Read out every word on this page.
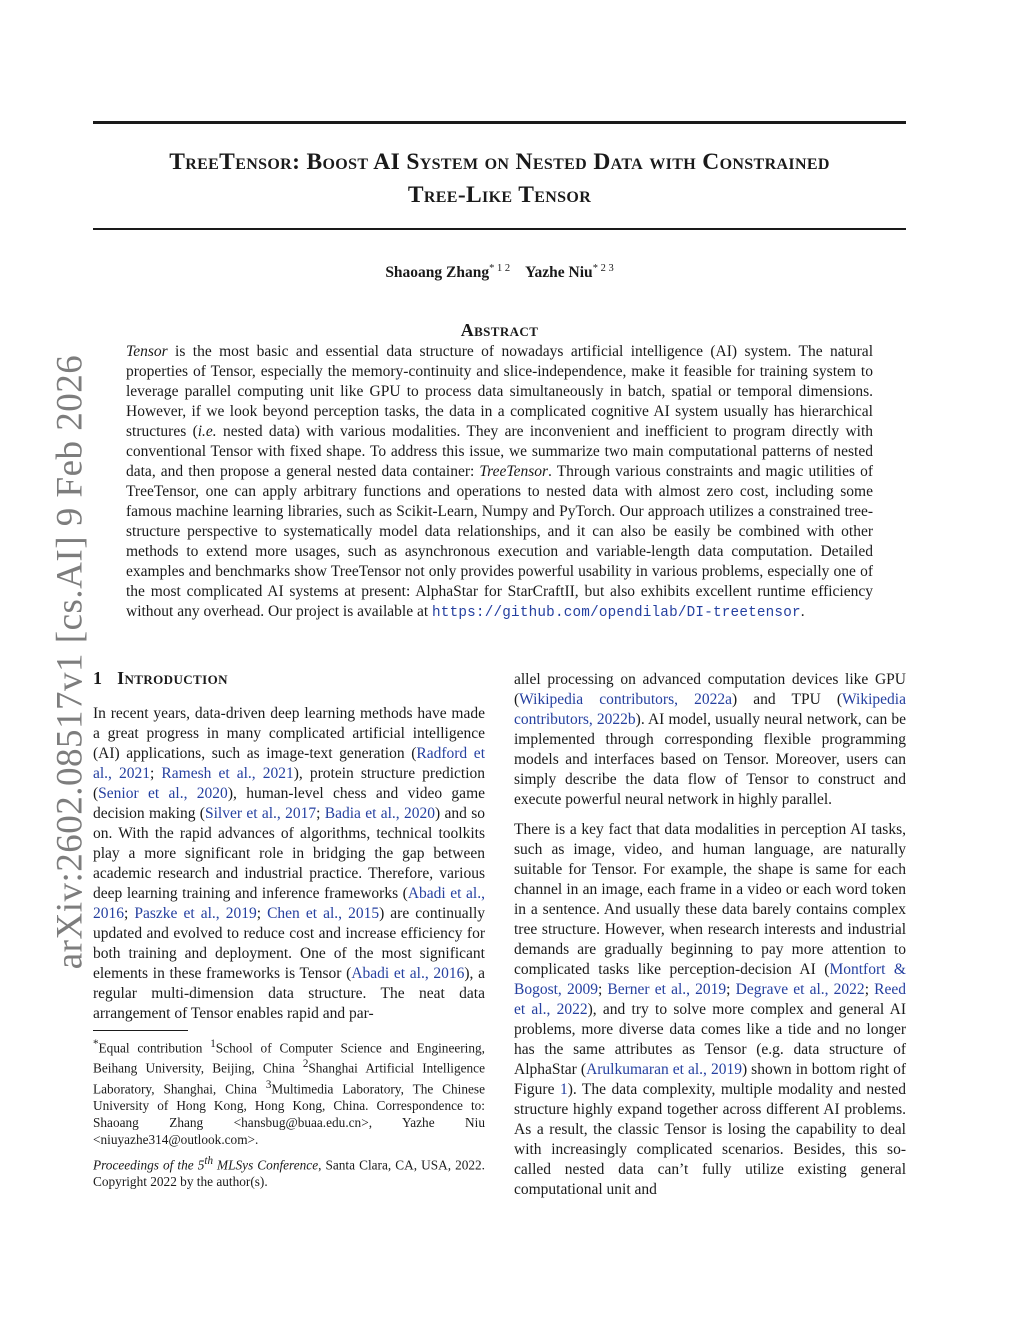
arXiv:2602.08517v1 [cs.AI] 9 Feb 2026
TreeTensor: Boost AI System on Nested Data with Constrained
Tree-Like Tensor
Shaoang Zhang$^{* 1 2}$ Yazhe Niu$^{* 2 3}$
Abstract
Tensor is the most basic and essential data structure of nowadays artificial intelligence (AI) system. The natural properties of Tensor, especially the memory-continuity and slice-independence, make it feasible for training system to leverage parallel computing unit like GPU to process data simultaneously in batch, spatial or temporal dimensions. However, if we look beyond perception tasks, the data in a complicated cognitive AI system usually has hierarchical structures (i.e. nested data) with various modalities. They are inconvenient and inefficient to program directly with conventional Tensor with fixed shape. To address this issue, we summarize two main computational patterns of nested data, and then propose a general nested data container: TreeTensor. Through various constraints and magic utilities of TreeTensor, one can apply arbitrary functions and operations to nested data with almost zero cost, including some famous machine learning libraries, such as Scikit-Learn, Numpy and PyTorch. Our approach utilizes a constrained tree-structure perspective to systematically model data relationships, and it can also be easily be combined with other methods to extend more usages, such as asynchronous execution and variable-length data computation. Detailed examples and benchmarks show TreeTensor not only provides powerful usability in various problems, especially one of the most complicated AI systems at present: AlphaStar for StarCraftII, but also exhibits excellent runtime efficiency without any overhead. Our project is available at https://github.com/opendilab/DI-treetensor.
1 Introduction

In recent years, data-driven deep learning methods have made a great progress in many complicated artificial intelligence (AI) applications, such as image-text generation (Radford et al., 2021; Ramesh et al., 2021), protein structure prediction (Senior et al., 2020), human-level chess and video game decision making (Silver et al., 2017; Badia et al., 2020) and so on. With the rapid advances of algorithms, technical toolkits play a more significant role in bridging the gap between academic research and industrial practice. Therefore, various deep learning training and inference frameworks (Abadi et al., 2016; Paszke et al., 2019; Chen et al., 2015) are continually updated and evolved to reduce cost and increase efficiency for both training and deployment. One of the most significant elements in these frameworks is Tensor (Abadi et al., 2016), a regular multi-dimension data structure. The neat data arrangement of Tensor enables rapid and par-

*Equal contribution $^1$School of Computer Science and Engineering, Beihang University, Beijing, China $^2$Shanghai Artificial Intelligence Laboratory, Shanghai, China $^3$Multimedia Laboratory, The Chinese University of Hong Kong, Hong Kong, China. Correspondence to: Shaoang Zhang <hansbug@buaa.edu.cn>, Yazhe Niu <niuyazhe314@outlook.com>.
Proceedings of the 5th MLSys Conference, Santa Clara, CA, USA, 2022. Copyright 2022 by the author(s).

allel processing on advanced computation devices like GPU (Wikipedia contributors, 2022a) and TPU (Wikipedia contributors, 2022b). AI model, usually neural network, can be implemented through corresponding flexible programming models and interfaces based on Tensor. Moreover, users can simply describe the data flow of Tensor to construct and execute powerful neural network in highly parallel.

There is a key fact that data modalities in perception AI tasks, such as image, video, and human language, are naturally suitable for Tensor. For example, the shape is same for each channel in an image, each frame in a video or each word token in a sentence. And usually these data barely contains complex tree structure. However, when research interests and industrial demands are gradually beginning to pay more attention to complicated tasks like perception-decision AI (Montfort & Bogost, 2009; Berner et al., 2019; Degrave et al., 2022; Reed et al., 2022), and try to solve more complex and general AI problems, more diverse data comes like a tide and no longer has the same attributes as Tensor (e.g. data structure of AlphaStar (Arulkumaran et al., 2019) shown in bottom right of Figure 1). The data complexity, multiple modality and nested structure highly expand together across different AI problems. As a result, the classic Tensor is losing the capability to deal with increasingly complicated scenarios. Besides, this so-called nested data can’t fully utilize existing general computational unit and
